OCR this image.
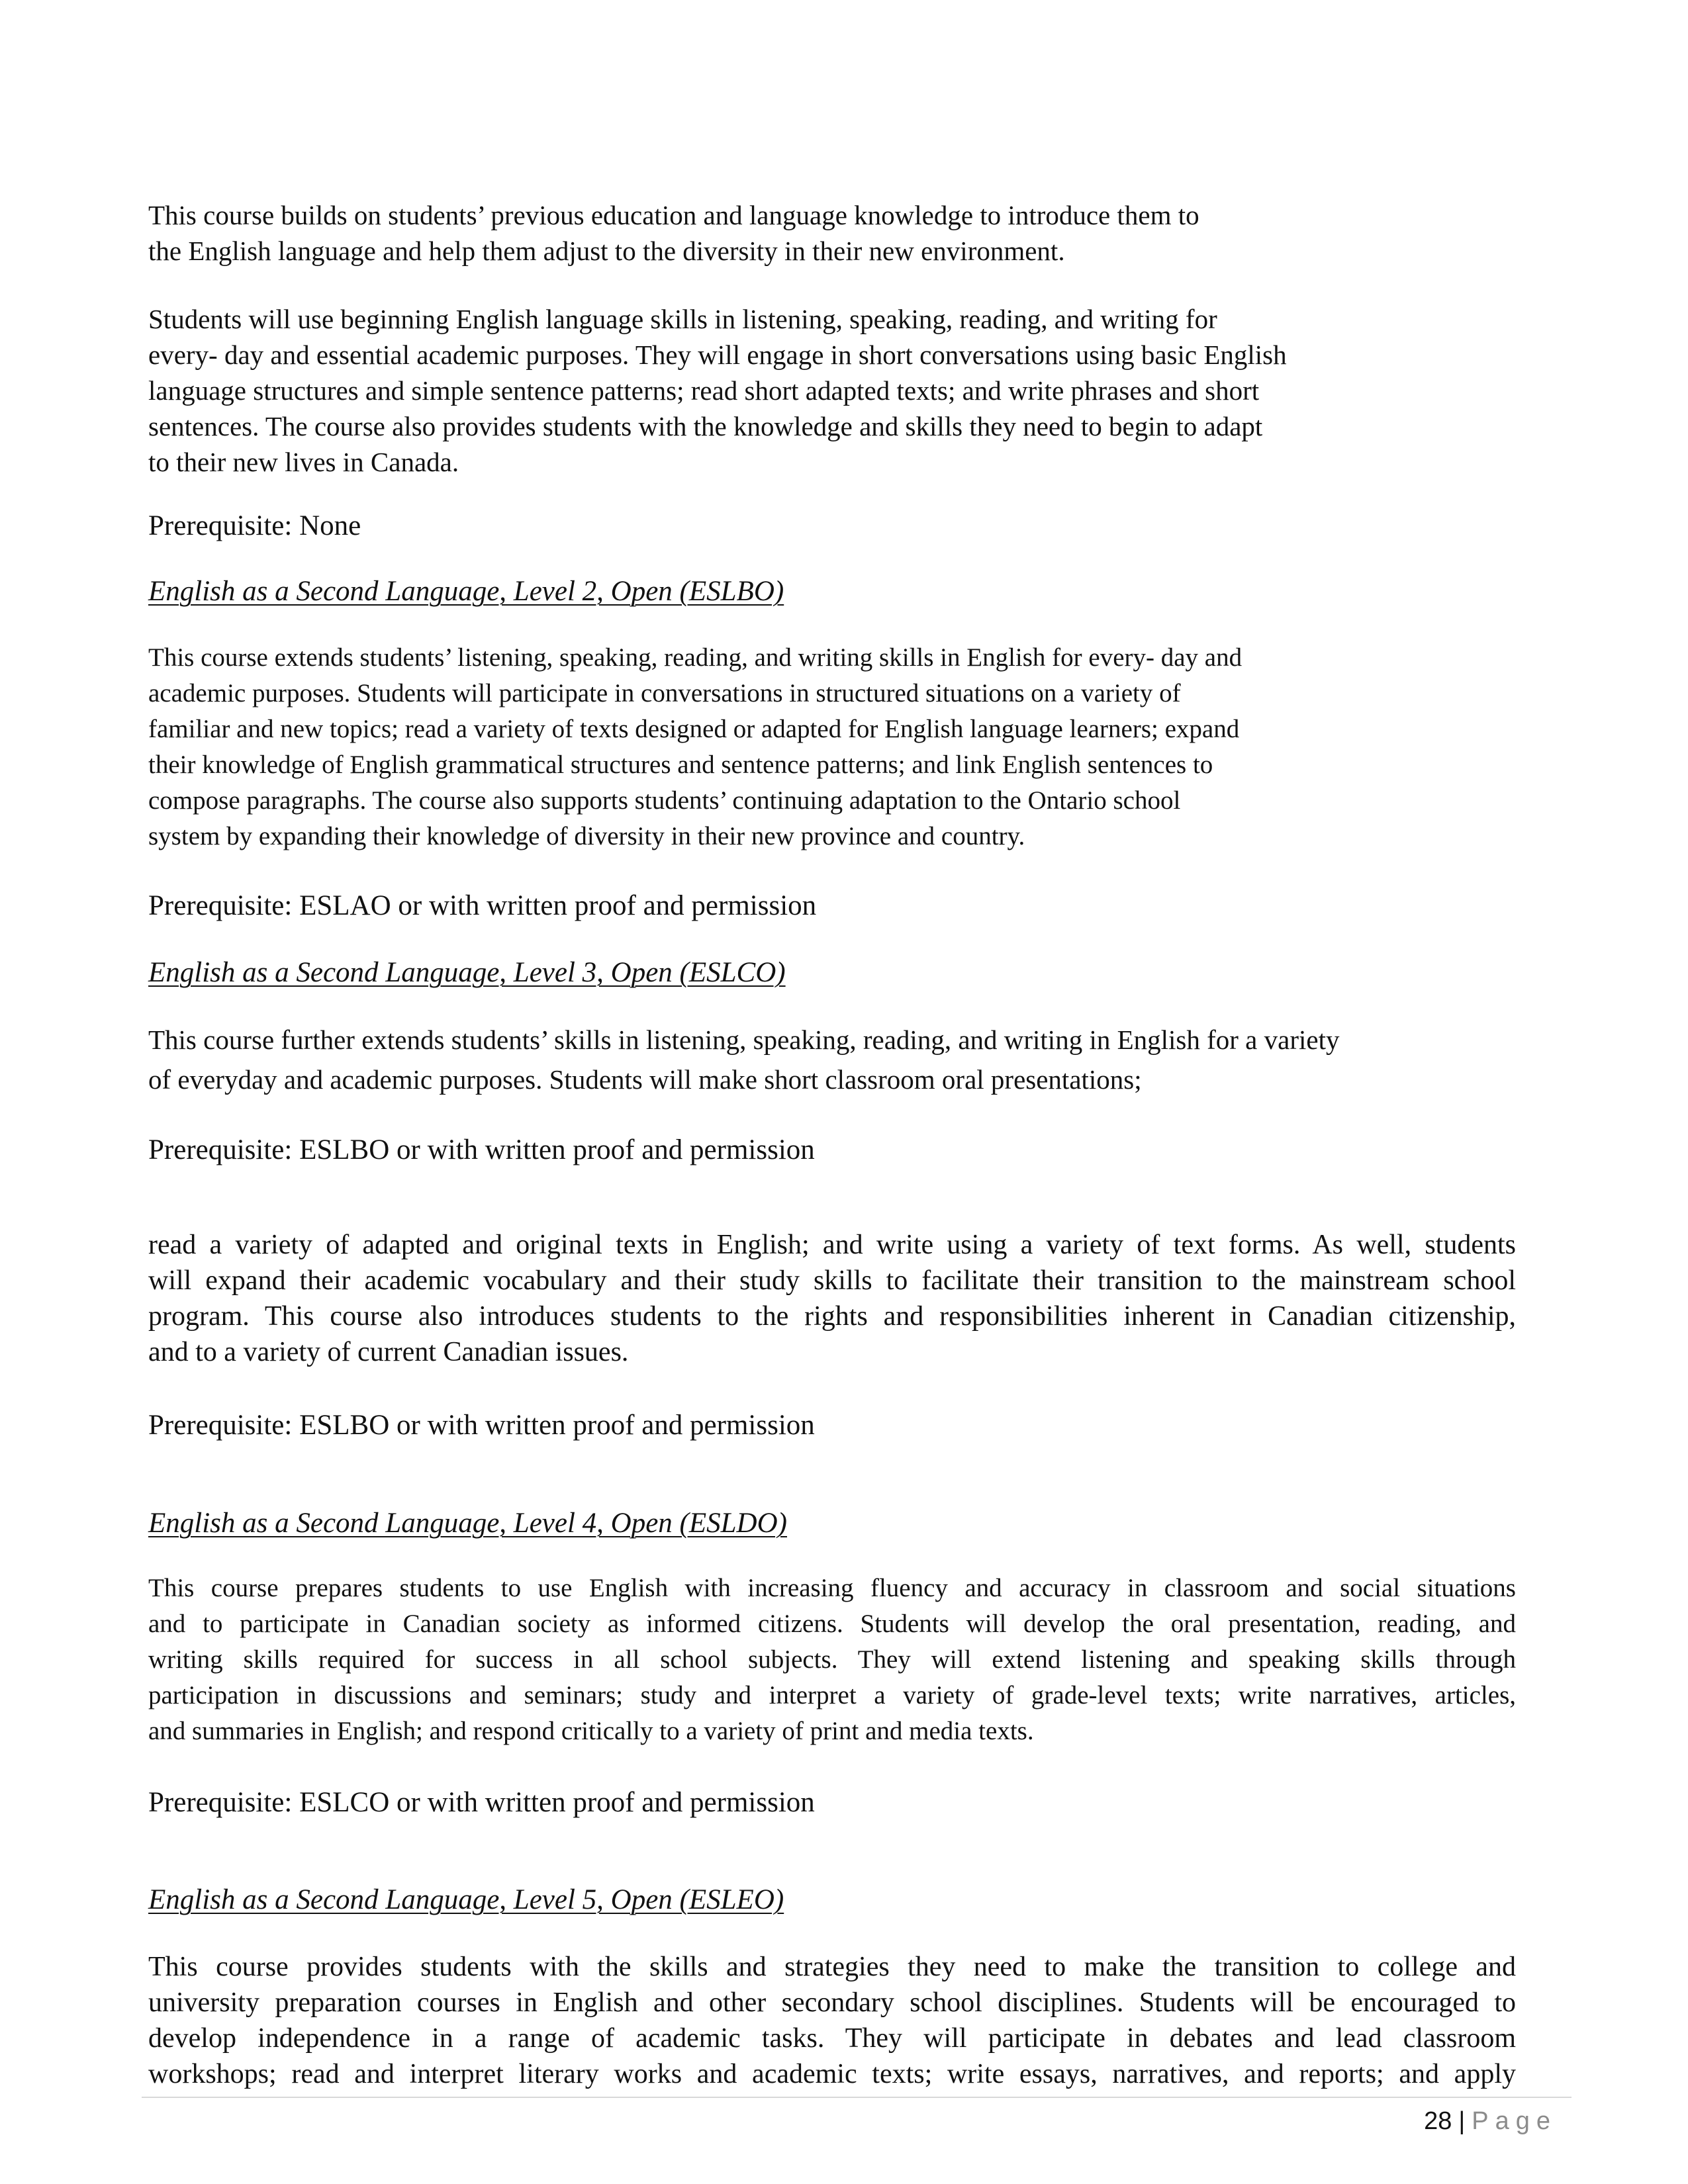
This course builds on students’ previous education and language knowledge to introduce them to
the English language and help them adjust to the diversity in their new environment.

Students will use beginning English language skills in listening, speaking, reading, and writing for
every- day and essential academic purposes. They will engage in short conversations using basic English
language structures and simple sentence patterns; read short adapted texts; and write phrases and short
sentences. The course also provides students with the knowledge and skills they need to begin to adapt
to their new lives in Canada.

Prerequisite: None

English as a Second Language, Level 2, Open (ESLBO)

This course extends students’ listening, speaking, reading, and writing skills in English for every- day and
academic purposes. Students will participate in conversations in structured situations on a variety of
familiar and new topics; read a variety of texts designed or adapted for English language learners; expand
their knowledge of English grammatical structures and sentence patterns; and link English sentences to
compose paragraphs. The course also supports students’ continuing adaptation to the Ontario school
system by expanding their knowledge of diversity in their new province and country.

Prerequisite: ESLAO or with written proof and permission

English as a Second Language, Level 3, Open (ESLCO)

This course further extends students’ skills in listening, speaking, reading, and writing in English for a variety
of everyday and academic purposes. Students will make short classroom oral presentations;

Prerequisite: ESLBO or with written proof and permission

read a variety of adapted and original texts in English; and write using a variety of text forms. As well, students
will expand their academic vocabulary and their study skills to facilitate their transition to the mainstream school
program. This course also introduces students to the rights and responsibilities inherent in Canadian citizenship,
and to a variety of current Canadian issues.

Prerequisite: ESLBO or with written proof and permission

English as a Second Language, Level 4, Open (ESLDO)

This course prepares students to use English with increasing fluency and accuracy in classroom and social situations
and to participate in Canadian society as informed citizens. Students will develop the oral presentation, reading, and
writing skills required for success in all school subjects. They will extend listening and speaking skills through
participation in discussions and seminars; study and interpret a variety of grade-level texts; write narratives, articles,
and summaries in English; and respond critically to a variety of print and media texts.

Prerequisite: ESLCO or with written proof and permission

English as a Second Language, Level 5, Open (ESLEO)

This course provides students with the skills and strategies they need to make the transition to college and
university preparation courses in English and other secondary school disciplines. Students will be encouraged to
develop independence in a range of academic tasks. They will participate in debates and lead classroom
workshops; read and interpret literary works and academic texts; write essays, narratives, and reports; and apply

28 | Page
